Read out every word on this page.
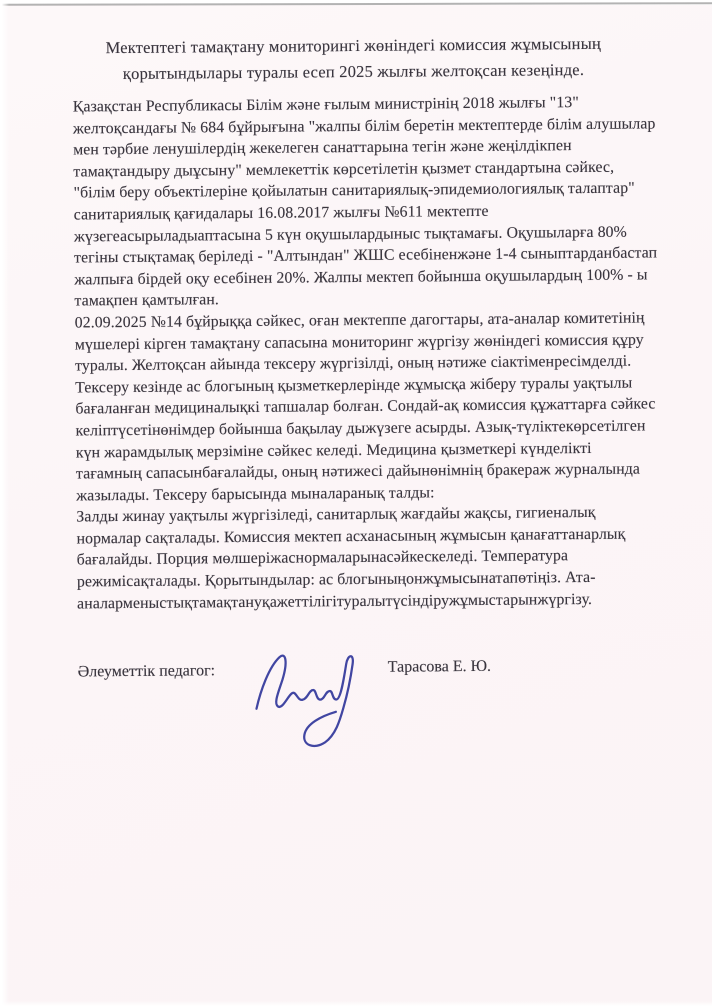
Мектептегі тамақтану мониторингі жөніндегі комиссия жұмысының
қорытындылары туралы есеп 2025 жылғы желтоқсан кезеңінде.
Қазақстан Республикасы Білім және ғылым министрінің 2018 жылғы "13"
желтоқсандағы № 684 бұйрығына "жалпы білім беретін мектептерде білім алушылар
мен тәрбие ленушілердің жекелеген санаттарына тегін және жеңілдікпен
тамақтандыру дыұсыну" мемлекеттік көрсетілетін қызмет стандартына сәйкес,
"білім беру объектілеріне қойылатын санитариялық-эпидемиологиялық талаптар"
санитариялық қағидалары 16.08.2017 жылғы №611 мектепте
жүзегеасырыладыаптасына 5 күн оқушылардыныс тықтамағы. Оқушыларға 80%
тегіны стықтамақ беріледі - "Алтындан" ЖШС есебіненжәне 1-4 сыныптарданбастап
жалпыға бірдей оқу есебінен 20%. Жалпы мектеп бойынша оқушылардың 100% - ы
тамақпен қамтылған.
02.09.2025 №14 бұйрыққа сәйкес, оған мектеппе дагогтары, ата-аналар комитетінің
мүшелері кірген тамақтану сапасына мониторинг жүргізу жөніндегі комиссия құру
туралы. Желтоқсан айында тексеру жүргізілді, оның нәтиже сіактіменресімделді.
Тексеру кезінде ас блогының қызметкерлерінде жұмысқа жіберу туралы уақтылы
бағаланған медициналықкі тапшалар болған. Сондай-ақ комиссия құжаттарға сәйкес
келіптүсетінөнімдер бойынша бақылау дыжүзеге асырды. Азық-түліктекөрсетілген
күн жарамдылық мерзіміне сәйкес келеді. Медицина қызметкері күнделікті
тағамның сапасынбағалайды, оның нәтижесі дайынөнімнің бракераж журналында
жазылады. Тексеру барысында мыналаранық талды:
Залды жинау уақтылы жүргізіледі, санитарлық жағдайы жақсы, гигиеналық
нормалар сақталады. Комиссия мектеп асханасының жұмысын қанағаттанарлық
бағалайды. Порция мөлшеріжаснормаларынасәйкескеледі. Температура
режимісақталады. Қорытындылар: ас блогыныңонжұмысынатапөтіңіз. Ата-
аналарменыстықтамақтануқажеттілігітуралытүсіндіружұмыстарынжүргізу.
Әлеуметтік педагог:	Тарасова Е. Ю.
